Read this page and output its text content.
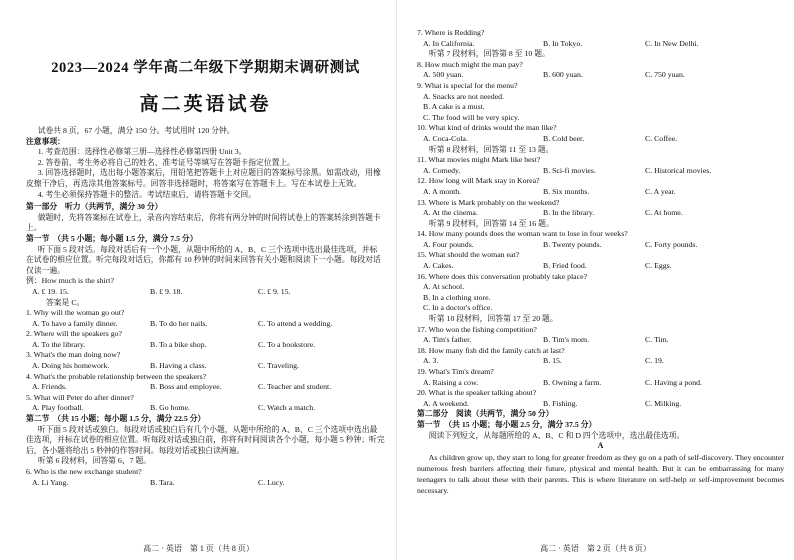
2023—2024 学年高二年级下学期期末调研测试

高二英语试卷

试卷共 8 页，67 小题，满分 150 分。考试用时 120 分钟。

注意事项：

1. 考查范围：选择性必修第三册—选择性必修第四册 Unit 3。

2. 答卷前，考生务必将自己的姓名、准考证号等填写在答题卡指定位置上。

3. 回答选择题时，选出每小题答案后，用铅笔把答题卡上对应题目的答案标号涂黑。如需改动，用橡皮擦干净后，再选涂其他答案标号。回答非选择题时，将答案写在答题卡上。写在本试卷上无效。

4. 考生必须保持答题卡的整洁。考试结束后，请将答题卡交回。

第一部分　听力（共两节，满分 30 分）

做题时，先将答案标在试卷上，录音内容结束后，你将有两分钟的时间将试卷上的答案转涂到答题卡上。

第一节　（共 5 小题；每小题 1.5 分，满分 7.5 分）

听下面 5 段对话。每段对话后有一个小题，从题中所给的 A、B、C 三个选项中选出最佳选项，并标在试卷的相应位置。听完每段对话后，你都有 10 秒钟的时间来回答有关小题和阅读下一小题。每段对话仅读一遍。

例：How much is the shirt?

A. £ 19. 15.	B. £ 9. 18.	C. £ 9. 15.

答案是 C。

1. Why will the woman go out?

A. To have a family dinner.	B. To do her nails.	C. To attend a wedding.

2. Where will the speakers go?

A. To the library.	B. To a bike shop.	C. To a bookstore.

3. What's the man doing now?

A. Doing his homework.	B. Having a class.	C. Traveling.

4. What's the probable relationship between the speakers?

A. Friends.	B. Boss and employee.	C. Teacher and student.

5. What will Peter do after dinner?

A. Play football.	B. Go home.	C. Watch a match.

第二节　（共 15 小题；每小题 1.5 分，满分 22.5 分）

听下面 5 段对话或独白。每段对话或独白后有几个小题，从题中所给的 A、B、C 三个选项中选出最佳选项，并标在试卷的相应位置。听每段对话或独白前，你将有时间阅读各个小题，每小题 5 秒钟；听完后，各小题将给出 5 秒钟的作答时间。每段对话或独白读两遍。

听第 6 段材料，回答第 6、7 题。

6. Who is the new exchange student?

A. Li Yang.	B. Tara.	C. Lucy.
高二 · 英语　第 1 页（共 8 页）

7. Where is Redding?

A. In California.	B. In Tokyo.	C. In New Delhi.

听第 7 段材料，回答第 8 至 10 题。

8. How much might the man pay?

A. 500 yuan.	B. 600 yuan.	C. 750 yuan.

9. What is special for the menu?

A. Snacks are not needed.

B. A cake is a must.

C. The food will be very spicy.

10. What kind of drinks would the man like?

A. Coca-Cola.	B. Cold beer.	C. Coffee.

听第 8 段材料，回答第 11 至 13 题。

11. What movies might Mark like best?

A. Comedy.	B. Sci-fi movies.	C. Historical movies.

12. How long will Mark stay in Korea?

A. A month.	B. Six months.	C. A year.

13. Where is Mark probably on the weekend?

A. At the cinema.	B. In the library.	C. At home.

听第 9 段材料，回答第 14 至 16 题。

14. How many pounds does the woman want to lose in four weeks?

A. Four pounds.	B. Twenty pounds.	C. Forty pounds.

15. What should the woman eat?

A. Cakes.	B. Fried food.	C. Eggs.

16. Where does this conversation probably take place?

A. At school.

B. In a clothing store.

C. In a doctor's office.

听第 10 段材料，回答第 17 至 20 题。

17. Who won the fishing competition?

A. Tim's father.	B. Tim's mom.	C. Tim.

18. How many fish did the family catch at last?

A. 3.	B. 15.	C. 19.

19. What's Tim's dream?

A. Raising a cow.	B. Owning a farm.	C. Having a pond.

20. What is the speaker talking about?

A. A weekend.	B. Fishing.	C. Milking.

第二部分　阅读（共两节，满分 50 分）

第一节　（共 15 小题；每小题 2.5 分，满分 37.5 分）

阅读下列短文，从每题所给的 A、B、C 和 D 四个选项中，选出最佳选项。

A

As children grow up, they start to long for greater freedom as they go on a path of self-discovery. They encounter numerous fresh barriers affecting their future, physical and mental health. But it can be embarrassing for many teenagers to talk about these with their parents. This is where literature on self-help or self-improvement becomes necessary.

高二 · 英语　第 2 页（共 8 页）
